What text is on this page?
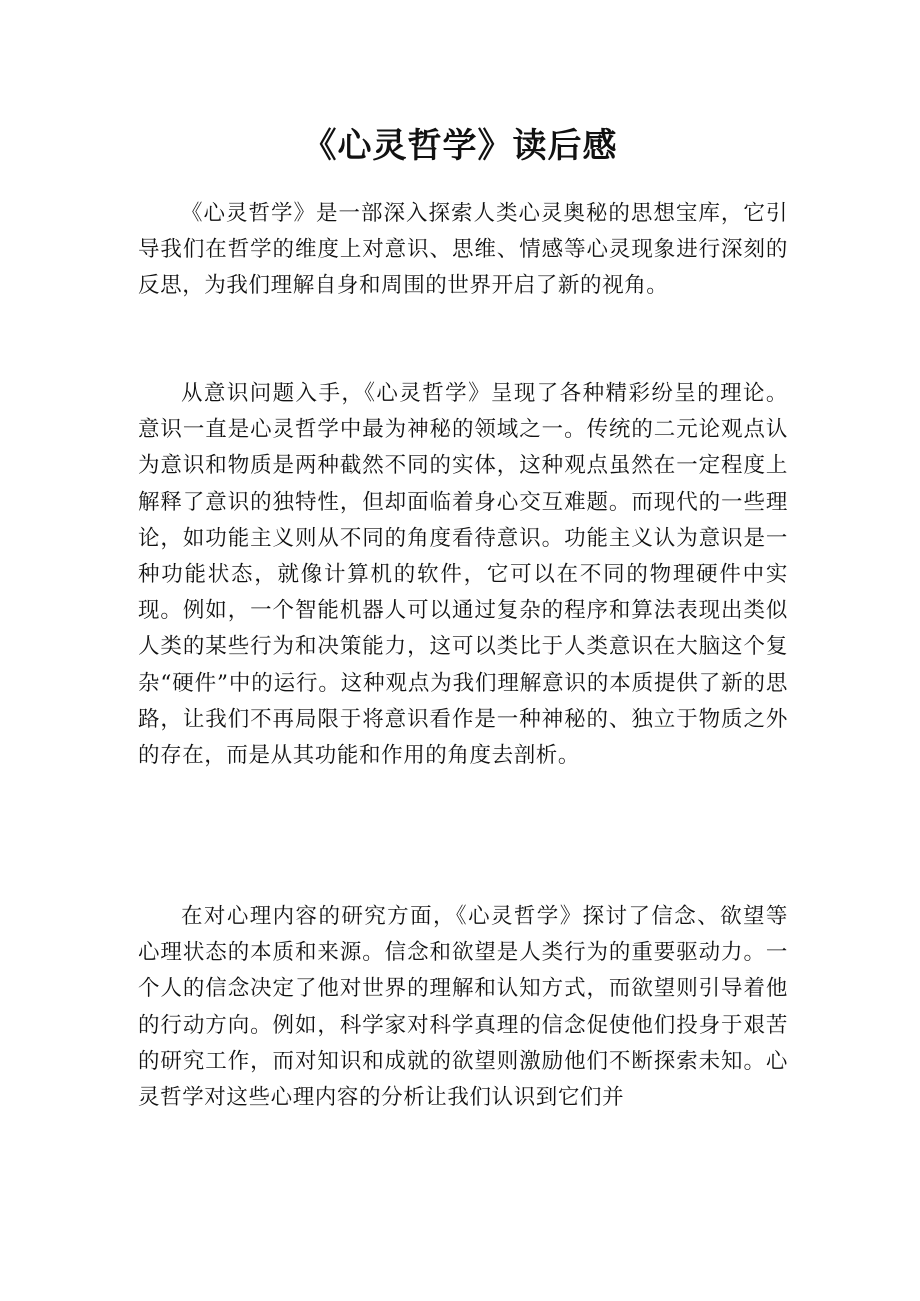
《心灵哲学》读后感

《心灵哲学》是一部深入探索人类心灵奥秘的思想宝库，它引导我们在哲学的维度上对意识、思维、情感等心灵现象进行深刻的反思，为我们理解自身和周围的世界开启了新的视角。

从意识问题入手，《心灵哲学》呈现了各种精彩纷呈的理论。意识一直是心灵哲学中最为神秘的领域之一。传统的二元论观点认为意识和物质是两种截然不同的实体，这种观点虽然在一定程度上解释了意识的独特性，但却面临着身心交互难题。而现代的一些理论，如功能主义则从不同的角度看待意识。功能主义认为意识是一种功能状态，就像计算机的软件，它可以在不同的物理硬件中实现。例如，一个智能机器人可以通过复杂的程序和算法表现出类似人类的某些行为和决策能力，这可以类比于人类意识在大脑这个复杂“硬件”中的运行。这种观点为我们理解意识的本质提供了新的思路，让我们不再局限于将意识看作是一种神秘的、独立于物质之外的存在，而是从其功能和作用的角度去剖析。

在对心理内容的研究方面，《心灵哲学》探讨了信念、欲望等心理状态的本质和来源。信念和欲望是人类行为的重要驱动力。一个人的信念决定了他对世界的理解和认知方式，而欲望则引导着他的行动方向。例如，科学家对科学真理的信念促使他们投身于艰苦的研究工作，而对知识和成就的欲望则激励他们不断探索未知。心灵哲学对这些心理内容的分析让我们认识到它们并
